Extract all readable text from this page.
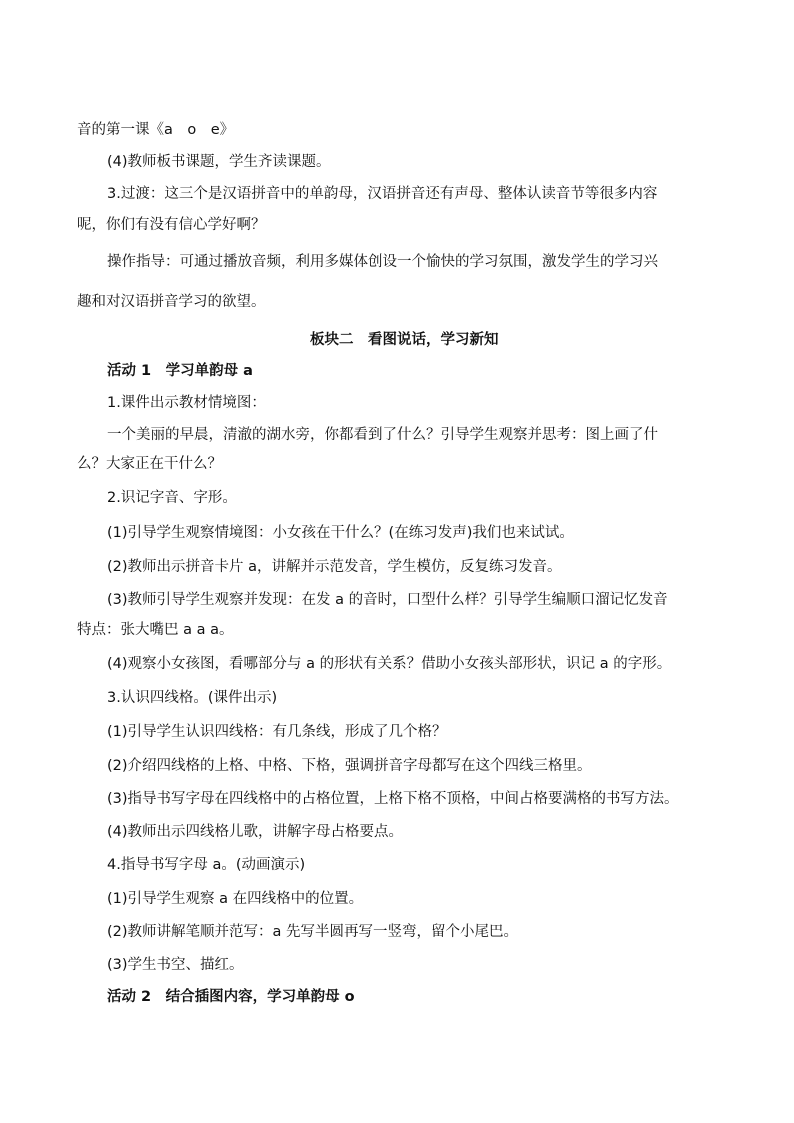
音的第一课《a　o　e》
(4)教师板书课题，学生齐读课题。
3.过渡：这三个是汉语拼音中的单韵母，汉语拼音还有声母、整体认读音节等很多内容
呢，你们有没有信心学好啊？
操作指导：可通过播放音频，利用多媒体创设一个愉快的学习氛围，激发学生的学习兴
趣和对汉语拼音学习的欲望。
板块二　看图说话，学习新知
活动 1　学习单韵母 a
1.课件出示教材情境图：
一个美丽的早晨，清澈的湖水旁，你都看到了什么？引导学生观察并思考：图上画了什
么？大家正在干什么？
2.识记字音、字形。
(1)引导学生观察情境图：小女孩在干什么？(在练习发声)我们也来试试。
(2)教师出示拼音卡片 a，讲解并示范发音，学生模仿，反复练习发音。
(3)教师引导学生观察并发现：在发 a 的音时，口型什么样？引导学生编顺口溜记忆发音
特点：张大嘴巴 a a a。
(4)观察小女孩图，看哪部分与 a 的形状有关系？借助小女孩头部形状，识记 a 的字形。
3.认识四线格。(课件出示)
(1)引导学生认识四线格：有几条线，形成了几个格？
(2)介绍四线格的上格、中格、下格，强调拼音字母都写在这个四线三格里。
(3)指导书写字母在四线格中的占格位置，上格下格不顶格，中间占格要满格的书写方法。
(4)教师出示四线格儿歌，讲解字母占格要点。
4.指导书写字母 a。(动画演示)
(1)引导学生观察 a 在四线格中的位置。
(2)教师讲解笔顺并范写：a 先写半圆再写一竖弯，留个小尾巴。
(3)学生书空、描红。
活动 2　结合插图内容，学习单韵母 o
